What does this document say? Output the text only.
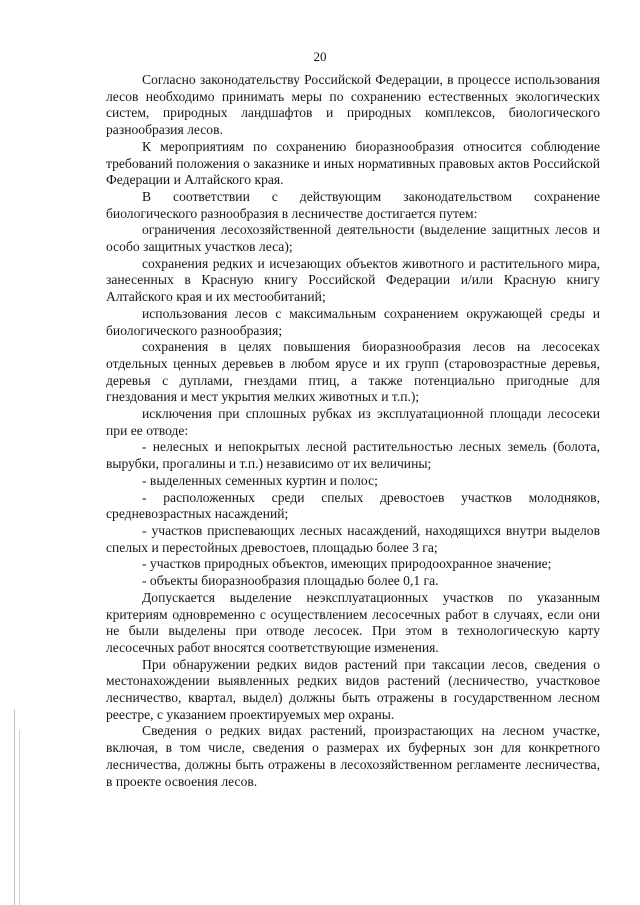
20

Согласно законодательству Российской Федерации, в процессе использования лесов необходимо принимать меры по сохранению естественных экологических систем, природных ландшафтов и природных комплексов, биологического разнообразия лесов.

К мероприятиям по сохранению биоразнообразия относится соблюдение требований положения о заказнике и иных нормативных правовых актов Российской Федерации и Алтайского края.

В соответствии с действующим законодательством сохранение биологического разнообразия в лесничестве достигается путем:

ограничения лесохозяйственной деятельности (выделение защитных лесов и особо защитных участков леса);

сохранения редких и исчезающих объектов животного и растительного мира, занесенных в Красную книгу Российской Федерации и/или Красную книгу Алтайского края и их местообитаний;

использования лесов с максимальным сохранением окружающей среды и биологического разнообразия;

сохранения в целях повышения биоразнообразия лесов на лесосеках отдельных ценных деревьев в любом ярусе и их групп (старовозрастные деревья, деревья с дуплами, гнездами птиц, а также потенциально пригодные для гнездования и мест укрытия мелких животных и т.п.);

исключения при сплошных рубках из эксплуатационной площади лесосеки при ее отводе:

- нелесных и непокрытых лесной растительностью лесных земель (болота, вырубки, прогалины и т.п.) независимо от их величины;

- выделенных семенных куртин и полос;

- расположенных среди спелых древостоев участков молодняков, средневозрастных насаждений;

- участков приспевающих лесных насаждений, находящихся внутри выделов спелых и перестойных древостоев, площадью более 3 га;

- участков природных объектов, имеющих природоохранное значение;

- объекты биоразнообразия площадью более 0,1 га.

Допускается выделение неэксплуатационных участков по указанным критериям одновременно с осуществлением лесосечных работ в случаях, если они не были выделены при отводе лесосек. При этом в технологическую карту лесосечных работ вносятся соответствующие изменения.

При обнаружении редких видов растений при таксации лесов, сведения о местонахождении выявленных редких видов растений (лесничество, участковое лесничество, квартал, выдел) должны быть отражены в государственном лесном реестре, с указанием проектируемых мер охраны.

Сведения о редких видах растений, произрастающих на лесном участке, включая, в том числе, сведения о размерах их буферных зон для конкретного лесничества, должны быть отражены в лесохозяйственном регламенте лесничества, в проекте освоения лесов.
